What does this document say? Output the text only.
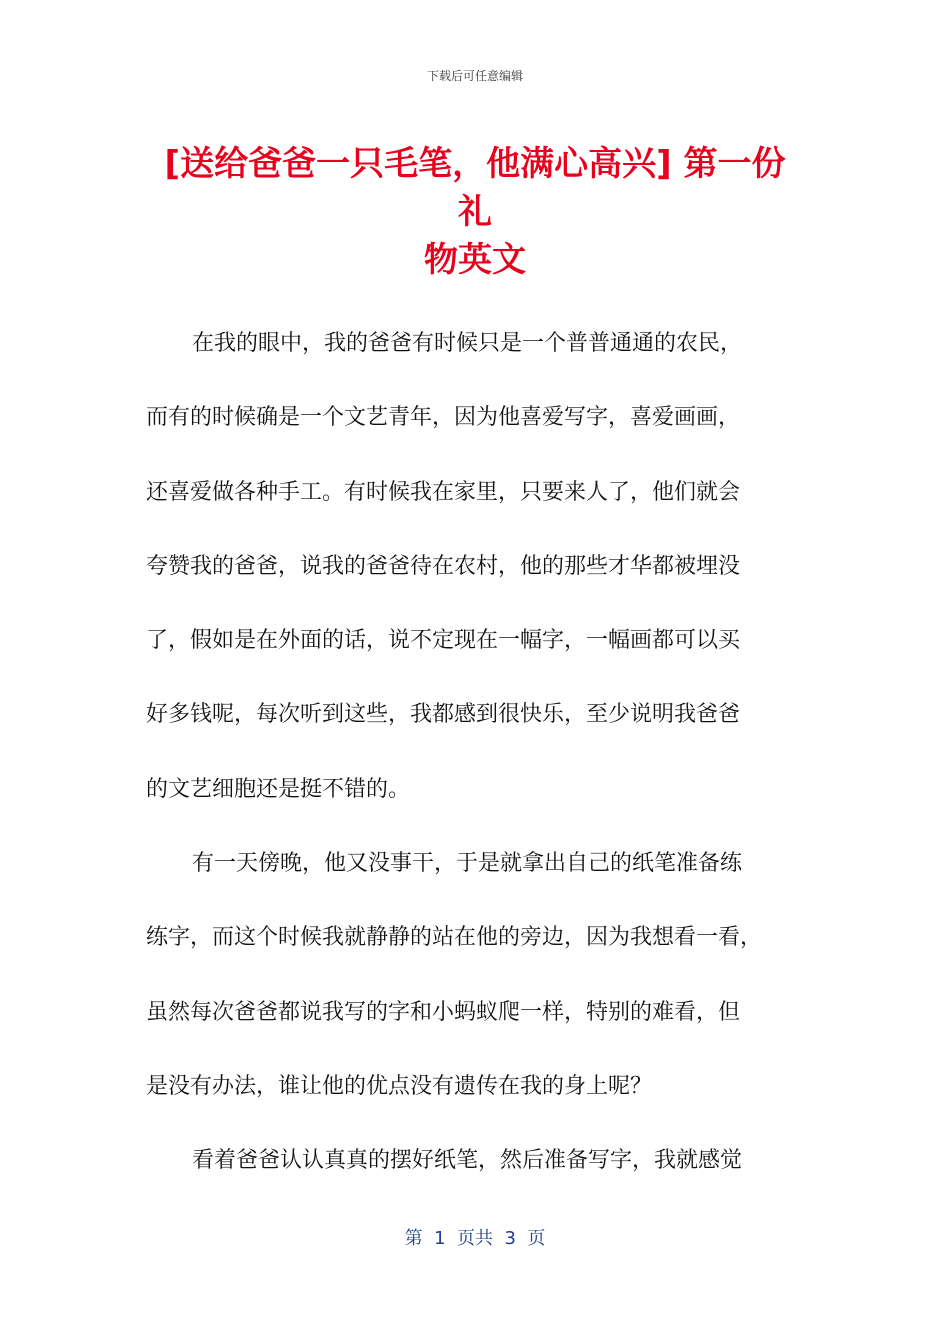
下载后可任意编辑
[送给爸爸一只毛笔，他满心高兴] 第一份礼
物英文
在我的眼中，我的爸爸有时候只是一个普普通通的农民，
而有的时候确是一个文艺青年，因为他喜爱写字，喜爱画画，
还喜爱做各种手工。有时候我在家里，只要来人了，他们就会
夸赞我的爸爸，说我的爸爸待在农村，他的那些才华都被埋没
了，假如是在外面的话，说不定现在一幅字，一幅画都可以买
好多钱呢，每次听到这些，我都感到很快乐，至少说明我爸爸
的文艺细胞还是挺不错的。
有一天傍晚，他又没事干，于是就拿出自己的纸笔准备练
练字，而这个时候我就静静的站在他的旁边，因为我想看一看，
虽然每次爸爸都说我写的字和小蚂蚁爬一样，特别的难看，但
是没有办法，谁让他的优点没有遗传在我的身上呢？
看着爸爸认认真真的摆好纸笔，然后准备写字，我就感觉
第  1  页共  3  页
